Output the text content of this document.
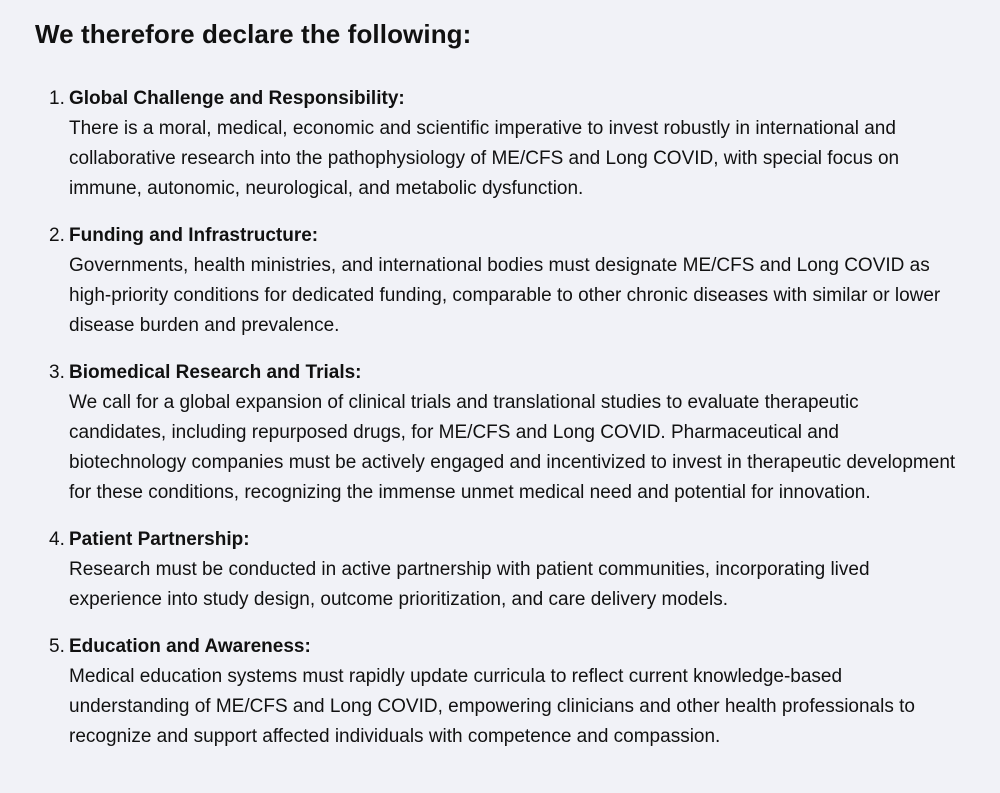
We therefore declare the following:
1. Global Challenge and Responsibility:
There is a moral, medical, economic and scientific imperative to invest robustly in international and collaborative research into the pathophysiology of ME/CFS and Long COVID, with special focus on immune, autonomic, neurological, and metabolic dysfunction.
2. Funding and Infrastructure:
Governments, health ministries, and international bodies must designate ME/CFS and Long COVID as high-priority conditions for dedicated funding, comparable to other chronic diseases with similar or lower disease burden and prevalence.
3. Biomedical Research and Trials:
We call for a global expansion of clinical trials and translational studies to evaluate therapeutic candidates, including repurposed drugs, for ME/CFS and Long COVID. Pharmaceutical and biotechnology companies must be actively engaged and incentivized to invest in therapeutic development for these conditions, recognizing the immense unmet medical need and potential for innovation.
4. Patient Partnership:
Research must be conducted in active partnership with patient communities, incorporating lived experience into study design, outcome prioritization, and care delivery models.
5. Education and Awareness:
Medical education systems must rapidly update curricula to reflect current knowledge-based understanding of ME/CFS and Long COVID, empowering clinicians and other health professionals to recognize and support affected individuals with competence and compassion.
